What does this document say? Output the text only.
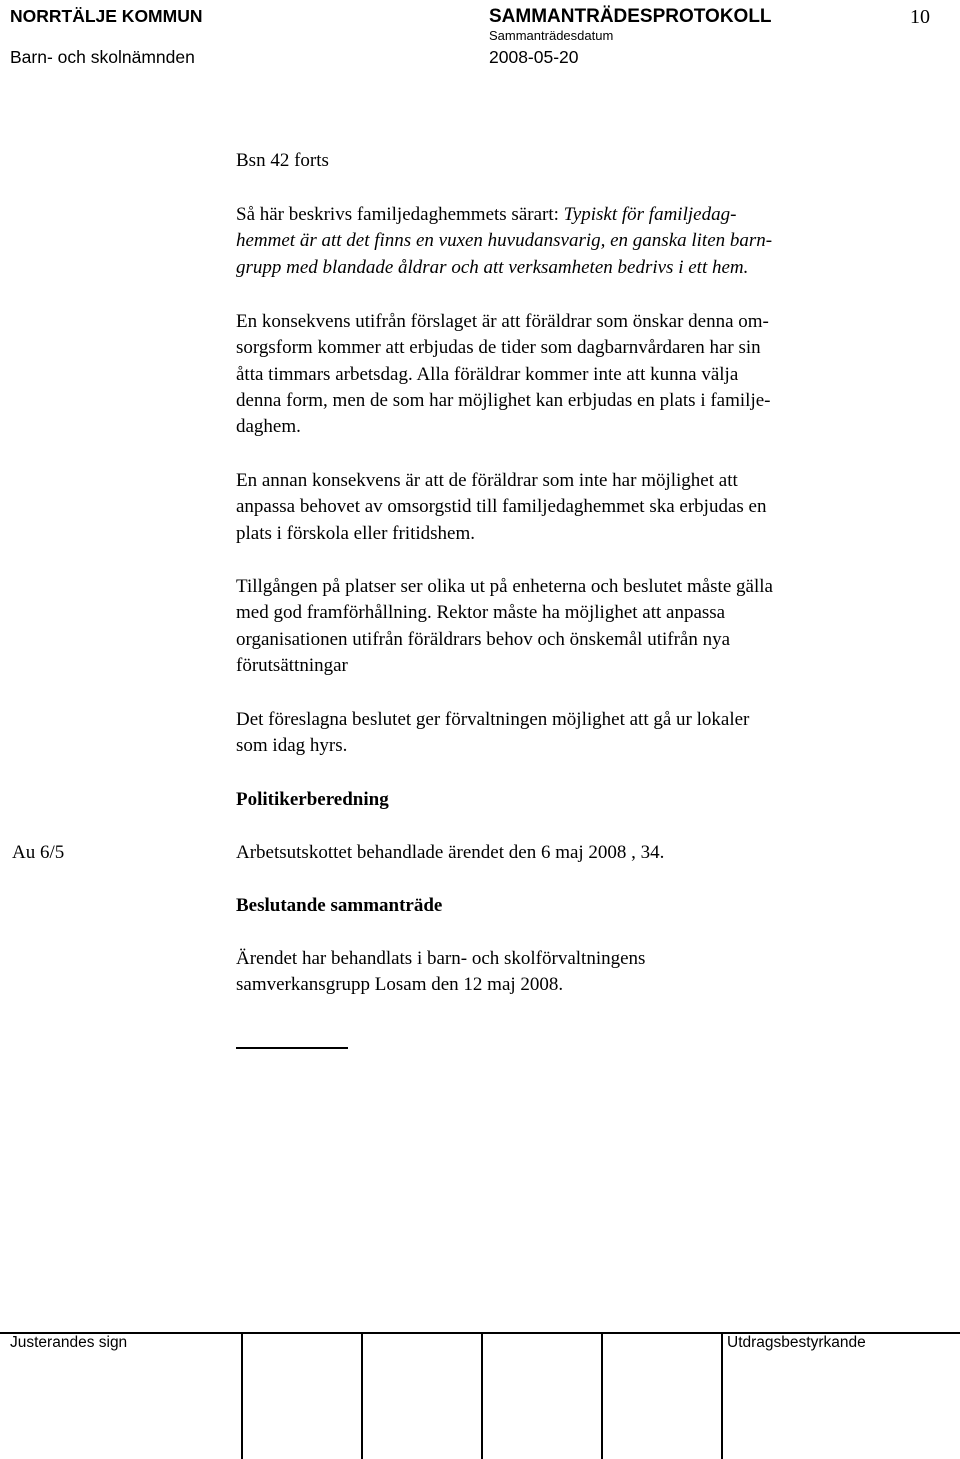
NORRTÄLJE KOMMUN	SAMMANTRÄDESPROTOKOLL	10
Sammanträdesdatum
Barn- och skolnämnden	2008-05-20
Bsn 42 forts
Så här beskrivs familjedaghemmets särart: Typiskt för familjedag-
hemmet är att det finns en vuxen huvudansvarig, en ganska liten barn-
grupp med blandade åldrar och att verksamheten bedrivs i ett hem.
En konsekvens utifrån förslaget är att föräldrar som önskar denna om-
sorgsform kommer att erbjudas de tider som dagbarnvårdaren har sin
åtta timmars arbetsdag. Alla föräldrar kommer inte att kunna välja
denna form, men de som har möjlighet kan erbjudas en plats i familje-
daghem.
En annan konsekvens är att de föräldrar som inte har möjlighet att
anpassa behovet av omsorgstid till familjedaghemmet ska erbjudas en
plats i förskola eller fritidshem.
Tillgången på platser ser olika ut på enheterna och beslutet måste gälla
med god framförhållning. Rektor måste ha möjlighet att anpassa
organisationen utifrån föräldrars behov och önskemål utifrån nya
förutsättningar
Det föreslagna beslutet ger förvaltningen möjlighet att gå ur lokaler
som idag hyrs.
Politikerberedning
Au 6/5	Arbetsutskottet behandlade ärendet den 6 maj 2008 , 34.
Beslutande sammanträde
Ärendet har behandlats i barn- och skolförvaltningens
samverkansgrupp Losam den 12 maj 2008.
Justerandes sign	Utdragsbestyrkande
